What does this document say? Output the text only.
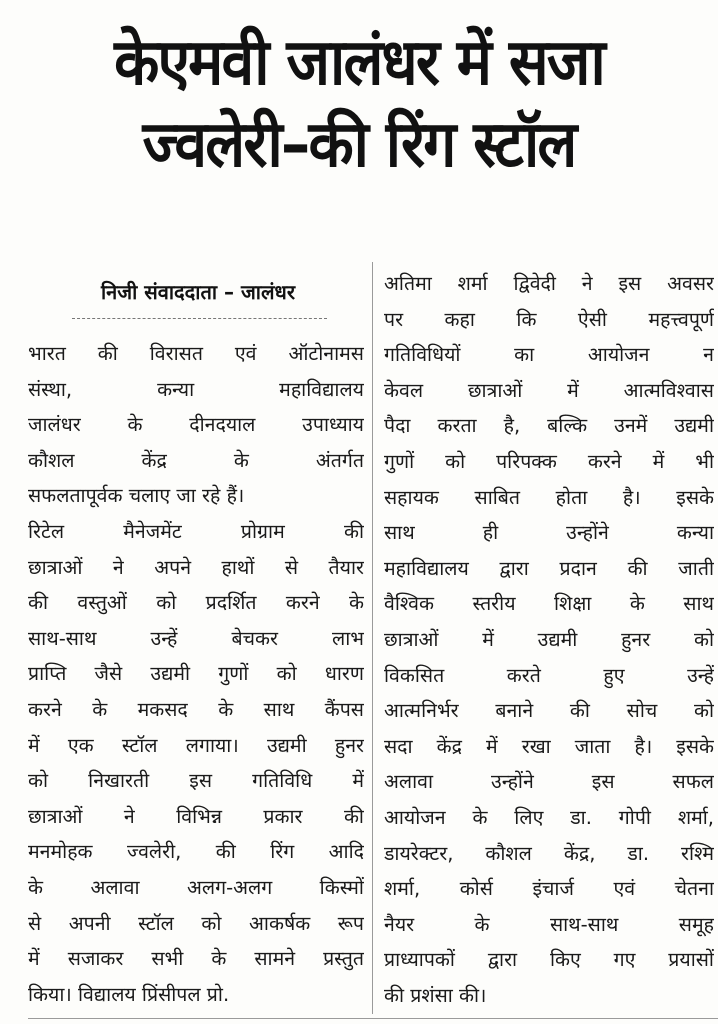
केएमवी जालंधर में सजा
ज्वलेरी–की रिंग स्टॉल
निजी संवाददाता – जालंधर
भारत की विरासत एवं ऑटोनामस
संस्था, कन्या महाविद्यालय
जालंधर के दीनदयाल उपाध्याय
कौशल केंद्र के अंतर्गत
सफलतापूर्वक चलाए जा रहे हैं।
रिटेल मैनेजमेंट प्रोग्राम की
छात्राओं ने अपने हाथों से तैयार
की वस्तुओं को प्रदर्शित करने के
साथ-साथ उन्हें बेचकर लाभ
प्राप्ति जैसे उद्यमी गुणों को धारण
करने के मकसद के साथ कैंपस
में एक स्टॉल लगाया। उद्यमी हुनर
को निखारती इस गतिविधि में
छात्राओं ने विभिन्न प्रकार की
मनमोहक ज्वलेरी, की रिंग आदि
के अलावा अलग-अलग किस्मों
से अपनी स्टॉल को आकर्षक रूप
में सजाकर सभी के सामने प्रस्तुत
किया। विद्यालय प्रिंसीपल प्रो.
अतिमा शर्मा द्विवेदी ने इस अवसर
पर कहा कि ऐसी महत्त्वपूर्ण
गतिविधियों का आयोजन न
केवल छात्राओं में आत्मविश्वास
पैदा करता है, बल्कि उनमें उद्यमी
गुणों को परिपक्क करने में भी
सहायक साबित होता है। इसके
साथ ही उन्होंने कन्या
महाविद्यालय द्वारा प्रदान की जाती
वैश्विक स्तरीय शिक्षा के साथ
छात्राओं में उद्यमी हुनर को
विकसित करते हुए उन्हें
आत्मनिर्भर बनाने की सोच को
सदा केंद्र में रखा जाता है। इसके
अलावा उन्होंने इस सफल
आयोजन के लिए डा. गोपी शर्मा,
डायरेक्टर, कौशल केंद्र, डा. रश्मि
शर्मा, कोर्स इंचार्ज एवं चेतना
नैयर के साथ-साथ समूह
प्राध्यापकों द्वारा किए गए प्रयासों
की प्रशंसा की।
